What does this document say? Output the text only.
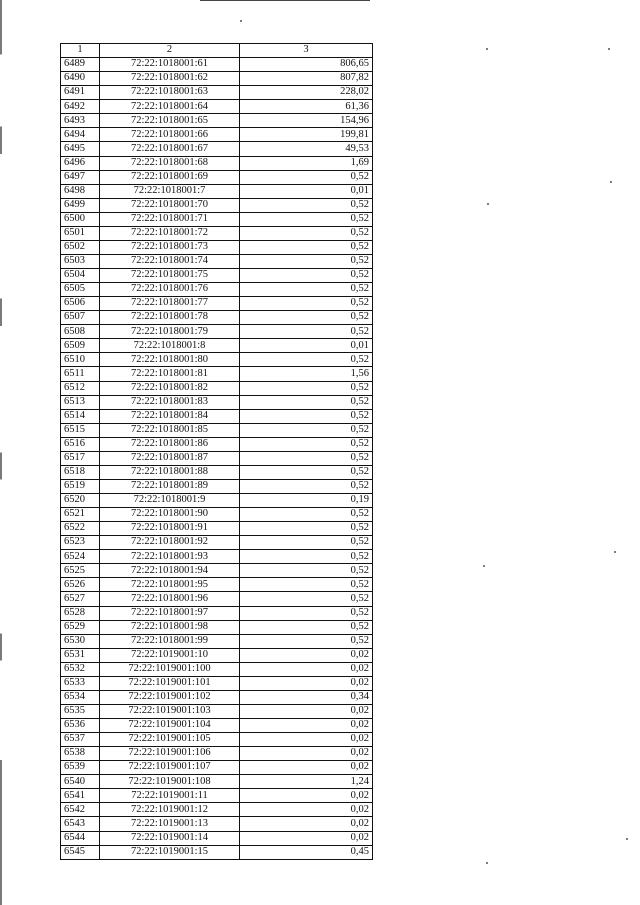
1	2	3
6489	72:22:1018001:61	806,65
6490	72:22:1018001:62	807,82
6491	72:22:1018001:63	228,02
6492	72:22:1018001:64	61,36
6493	72:22:1018001:65	154,96
6494	72:22:1018001:66	199,81
6495	72:22:1018001:67	49,53
6496	72:22:1018001:68	1,69
6497	72:22:1018001:69	0,52
6498	72:22:1018001:7	0,01
6499	72:22:1018001:70	0,52
6500	72:22:1018001:71	0,52
6501	72:22:1018001:72	0,52
6502	72:22:1018001:73	0,52
6503	72:22:1018001:74	0,52
6504	72:22:1018001:75	0,52
6505	72:22:1018001:76	0,52
6506	72:22:1018001:77	0,52
6507	72:22:1018001:78	0,52
6508	72:22:1018001:79	0,52
6509	72:22:1018001:8	0,01
6510	72:22:1018001:80	0,52
6511	72:22:1018001:81	1,56
6512	72:22:1018001:82	0,52
6513	72:22:1018001:83	0,52
6514	72:22:1018001:84	0,52
6515	72:22:1018001:85	0,52
6516	72:22:1018001:86	0,52
6517	72:22:1018001:87	0,52
6518	72:22:1018001:88	0,52
6519	72:22:1018001:89	0,52
6520	72:22:1018001:9	0,19
6521	72:22:1018001:90	0,52
6522	72:22:1018001:91	0,52
6523	72:22:1018001:92	0,52
6524	72:22:1018001:93	0,52
6525	72:22:1018001:94	0,52
6526	72:22:1018001:95	0,52
6527	72:22:1018001:96	0,52
6528	72:22:1018001:97	0,52
6529	72:22:1018001:98	0,52
6530	72:22:1018001:99	0,52
6531	72:22:1019001:10	0,02
6532	72:22:1019001:100	0,02
6533	72:22:1019001:101	0,02
6534	72:22:1019001:102	0,34
6535	72:22:1019001:103	0,02
6536	72:22:1019001:104	0,02
6537	72:22:1019001:105	0,02
6538	72:22:1019001:106	0,02
6539	72:22:1019001:107	0,02
6540	72:22:1019001:108	1,24
6541	72:22:1019001:11	0,02
6542	72:22:1019001:12	0,02
6543	72:22:1019001:13	0,02
6544	72:22:1019001:14	0,02
6545	72:22:1019001:15	0,45
